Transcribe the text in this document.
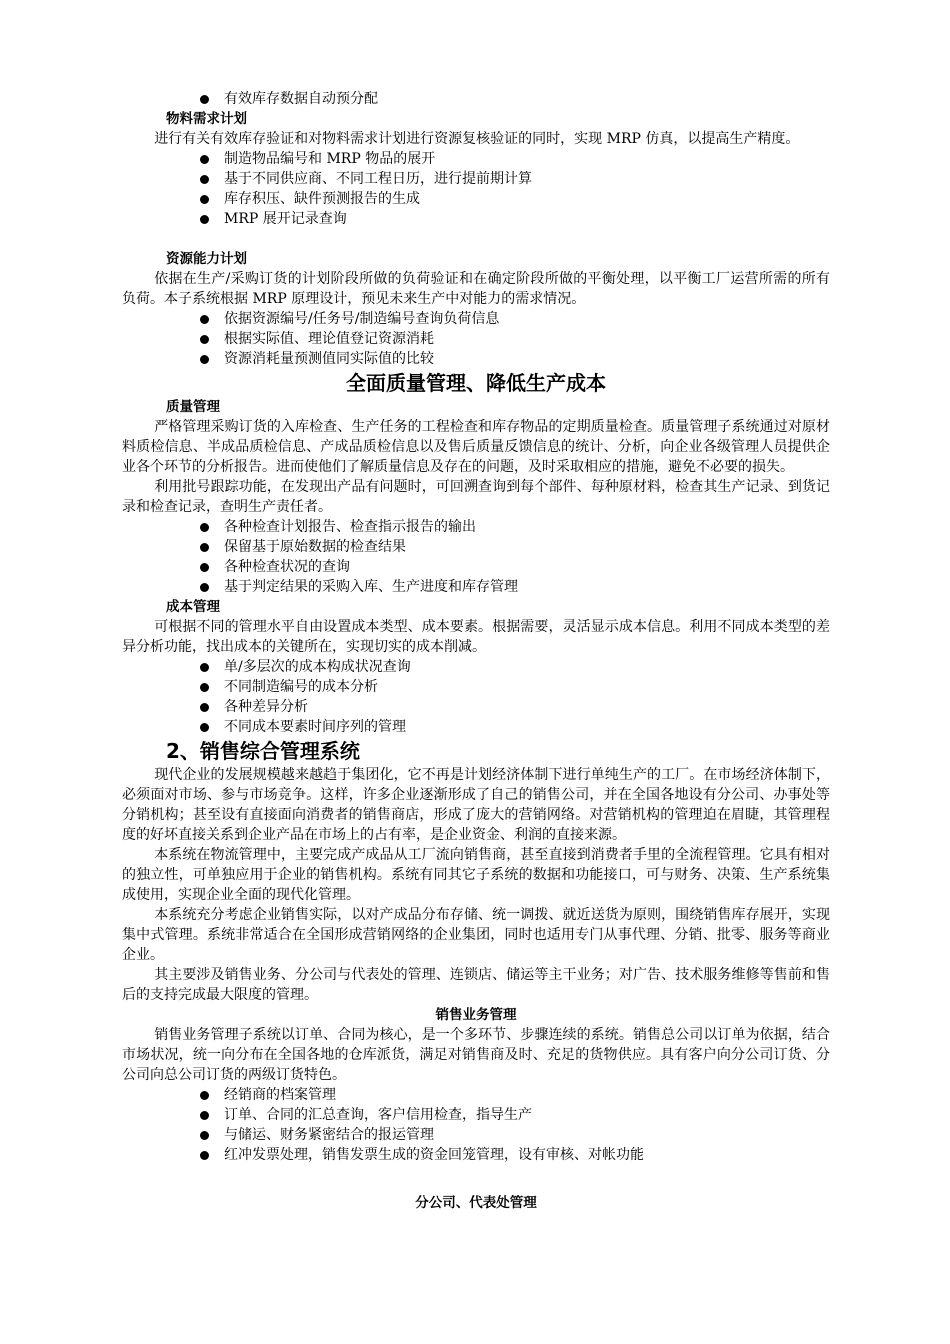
有效库存数据自动预分配

物料需求计划

进行有关有效库存验证和对物料需求计划进行资源复核验证的同时，实现 MRP 仿真，以提高生产精度。

制造物品编号和 MRP 物品的展开
基于不同供应商、不同工程日历，进行提前期计算
库存积压、缺件预测报告的生成
MRP 展开记录查询

资源能力计划

依据在生产/采购订货的计划阶段所做的负荷验证和在确定阶段所做的平衡处理，以平衡工厂运营所需的所有负荷。本子系统根据 MRP 原理设计，预见未来生产中对能力的需求情况。

依据资源编号/任务号/制造编号查询负荷信息
根据实际值、理论值登记资源消耗
资源消耗量预测值同实际值的比较

全面质量管理、降低生产成本

质量管理

严格管理采购订货的入库检查、生产任务的工程检查和库存物品的定期质量检查。质量管理子系统通过对原材料质检信息、半成品质检信息、产成品质检信息以及售后质量反馈信息的统计、分析，向企业各级管理人员提供企业各个环节的分析报告。进而使他们了解质量信息及存在的问题，及时采取相应的措施，避免不必要的损失。

利用批号跟踪功能，在发现出产品有问题时，可回溯查询到每个部件、每种原材料，检查其生产记录、到货记录和检查记录，查明生产责任者。

各种检查计划报告、检查指示报告的输出
保留基于原始数据的检查结果
各种检查状况的查询
基于判定结果的采购入库、生产进度和库存管理

成本管理

可根据不同的管理水平自由设置成本类型、成本要素。根据需要，灵活显示成本信息。利用不同成本类型的差异分析功能，找出成本的关键所在，实现切实的成本削减。

单/多层次的成本构成状况查询
不同制造编号的成本分析
各种差异分析
不同成本要素时间序列的管理

2、销售综合管理系统

现代企业的发展规模越来越趋于集团化，它不再是计划经济体制下进行单纯生产的工厂。在市场经济体制下，必须面对市场、参与市场竞争。这样，许多企业逐渐形成了自己的销售公司，并在全国各地设有分公司、办事处等分销机构；甚至设有直接面向消费者的销售商店，形成了庞大的营销网络。对营销机构的管理迫在眉睫，其管理程度的好坏直接关系到企业产品在市场上的占有率，是企业资金、利润的直接来源。

本系统在物流管理中，主要完成产成品从工厂流向销售商，甚至直接到消费者手里的全流程管理。它具有相对的独立性，可单独应用于企业的销售机构。系统有同其它子系统的数据和功能接口，可与财务、决策、生产系统集成使用，实现企业全面的现代化管理。

本系统充分考虑企业销售实际，以对产成品分布存储、统一调拨、就近送货为原则，围绕销售库存展开，实现集中式管理。系统非常适合在全国形成营销网络的企业集团，同时也适用专门从事代理、分销、批零、服务等商业企业。

其主要涉及销售业务、分公司与代表处的管理、连锁店、储运等主干业务；对广告、技术服务维修等售前和售后的支持完成最大限度的管理。

销售业务管理

销售业务管理子系统以订单、合同为核心，是一个多环节、步骤连续的系统。销售总公司以订单为依据，结合市场状况，统一向分布在全国各地的仓库派货，满足对销售商及时、充足的货物供应。具有客户向分公司订货、分公司向总公司订货的两级订货特色。

经销商的档案管理
订单、合同的汇总查询，客户信用检查，指导生产
与储运、财务紧密结合的报运管理
红冲发票处理，销售发票生成的资金回笼管理，设有审核、对帐功能

分公司、代表处管理
